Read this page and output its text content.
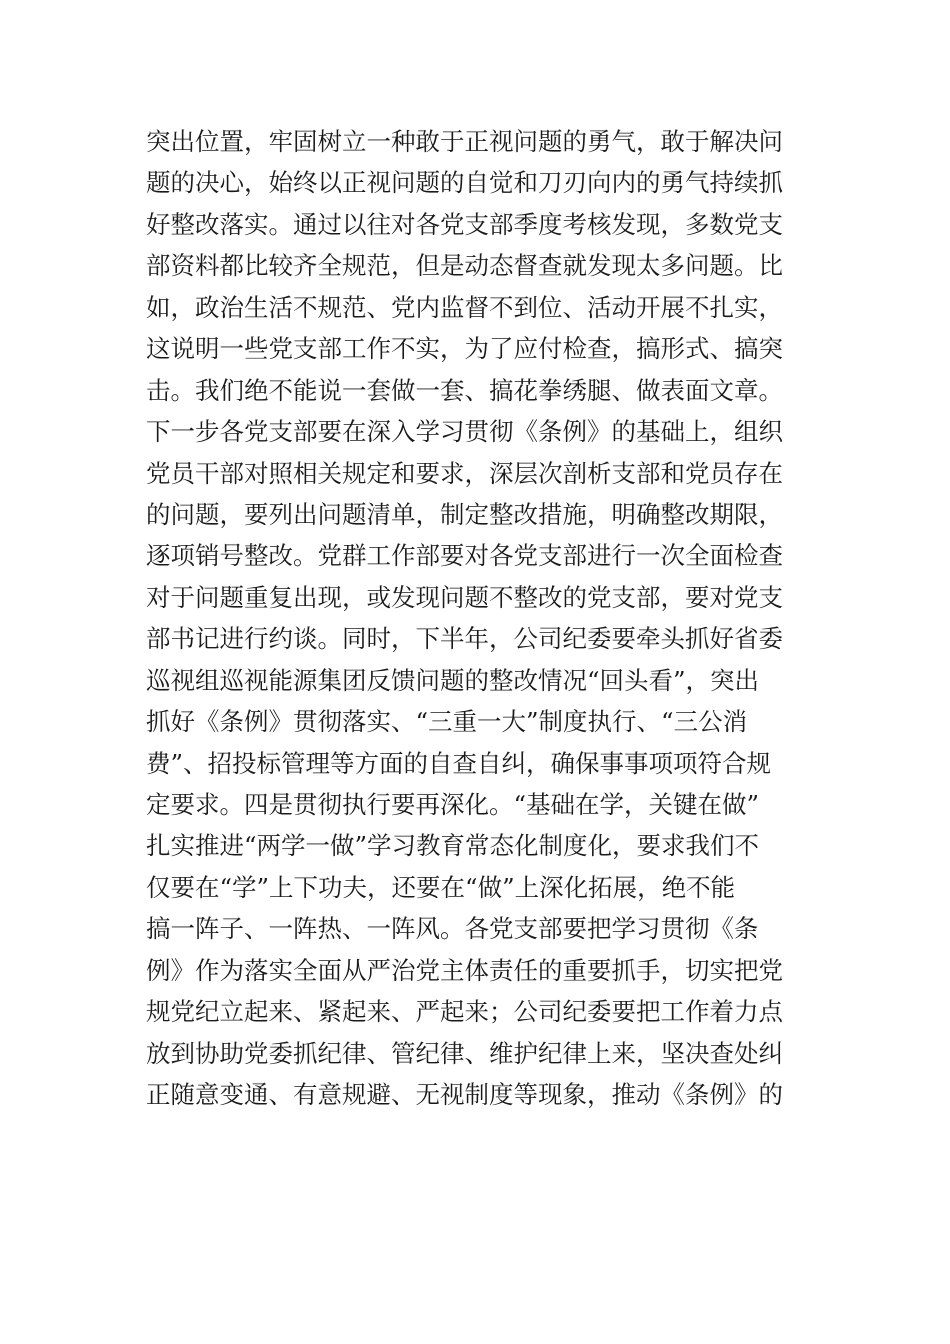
突出位置，牢固树立一种敢于正视问题的勇气，敢于解决问
题的决心，始终以正视问题的自觉和刀刃向内的勇气持续抓
好整改落实。通过以往对各党支部季度考核发现，多数党支
部资料都比较齐全规范，但是动态督查就发现太多问题。比
如，政治生活不规范、党内监督不到位、活动开展不扎实，
这说明一些党支部工作不实，为了应付检查，搞形式、搞突
击。我们绝不能说一套做一套、搞花拳绣腿、做表面文章。
下一步各党支部要在深入学习贯彻《条例》的基础上，组织
党员干部对照相关规定和要求，深层次剖析支部和党员存在
的问题，要列出问题清单，制定整改措施，明确整改期限，
逐项销号整改。党群工作部要对各党支部进行一次全面检查
对于问题重复出现，或发现问题不整改的党支部，要对党支
部书记进行约谈。同时，下半年，公司纪委要牵头抓好省委
巡视组巡视能源集团反馈问题的整改情况“回头看”，突出
抓好《条例》贯彻落实、“三重一大”制度执行、“三公消
费”、招投标管理等方面的自查自纠，确保事事项项符合规
定要求。四是贯彻执行要再深化。“基础在学，关键在做”
扎实推进“两学一做”学习教育常态化制度化，要求我们不
仅要在“学”上下功夫，还要在“做”上深化拓展，绝不能
搞一阵子、一阵热、一阵风。各党支部要把学习贯彻《条
例》作为落实全面从严治党主体责任的重要抓手，切实把党
规党纪立起来、紧起来、严起来；公司纪委要把工作着力点
放到协助党委抓纪律、管纪律、维护纪律上来，坚决查处纠
正随意变通、有意规避、无视制度等现象，推动《条例》的
